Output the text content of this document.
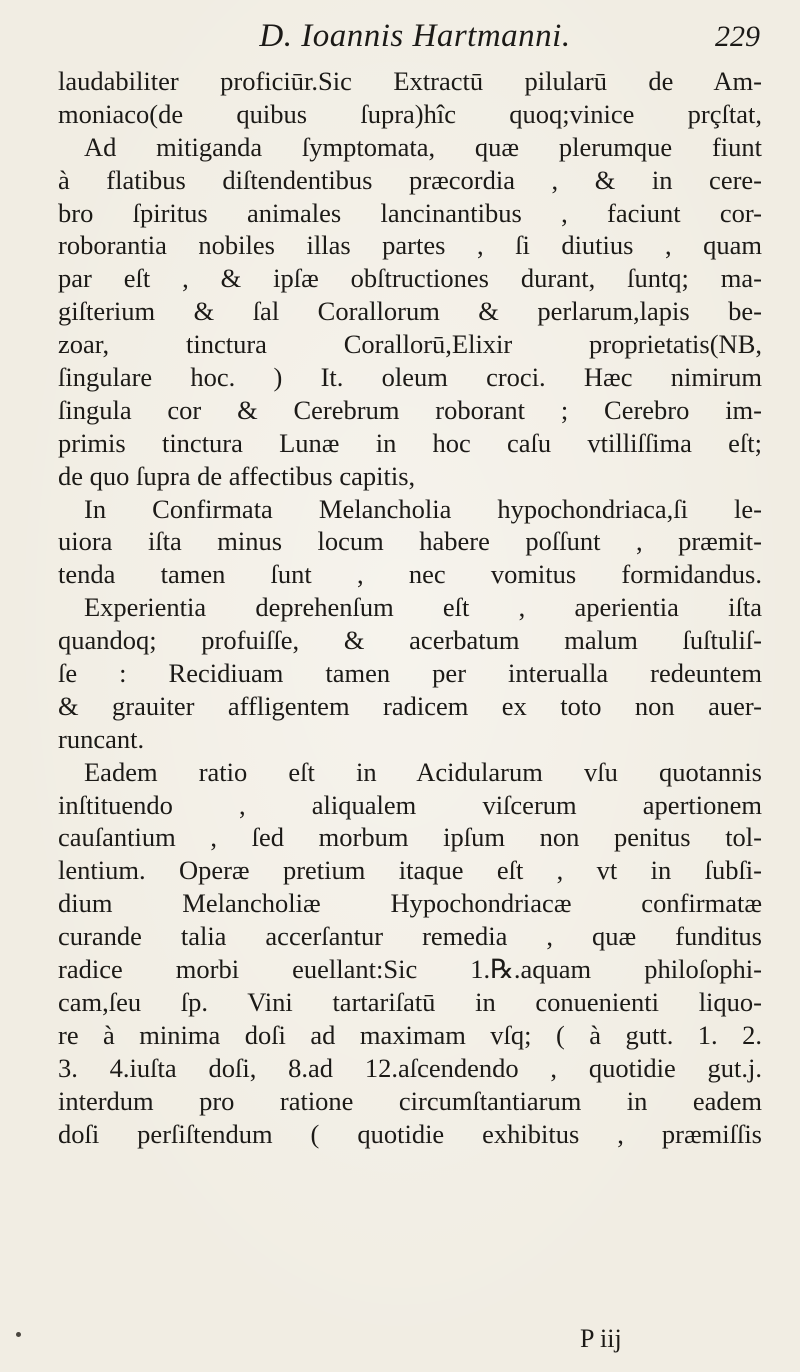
D. Ioannis Hartmanni.	229
laudabiliter proficiūr.Sic Extractū pilularū de Am-
moniaco(de quibus ſupra)hîc quoq;vinice prçſtat,
Ad mitiganda ſymptomata, quæ plerumque fiunt
à flatibus diſtendentibus præcordia , & in cere-
bro ſpiritus animales lancinantibus , faciunt cor-
roborantia nobiles illas partes , ſi diutius , quam
par eſt , & ipſæ obſtructiones durant, ſuntq; ma-
giſterium & ſal Corallorum & perlarum,lapis be-
zoar, tinctura Corallorū,Elixir proprietatis(NB,
ſingulare hoc. ) It. oleum croci. Hæc nimirum
ſingula cor & Cerebrum roborant ; Cerebro im-
primis tinctura Lunæ in hoc caſu vtilliſſima eſt;
de quo ſupra de affectibus capitis,
In Confirmata Melancholia hypochondriaca,ſi le-
uiora iſta minus locum habere poſſunt , præmit-
tenda tamen ſunt , nec vomitus formidandus.
Experientia deprehenſum eſt , aperientia iſta
quandoq; profuiſſe, & acerbatum malum ſuſtuliſ-
ſe : Recidiuam tamen per interualla redeuntem
& grauiter affligentem radicem ex toto non auer-
runcant.
Eadem ratio eſt in Acidularum vſu quotannis
inſtituendo , aliqualem viſcerum apertionem
cauſantium , ſed morbum ipſum non penitus tol-
lentium. Operæ pretium itaque eſt , vt in ſubſi-
dium Melancholiæ Hypochondriacæ confirmatæ
curande talia accerſantur remedia , quæ funditus
radice morbi euellant:Sic 1.℞.aquam philoſophi-
cam,ſeu ſp. Vini tartariſatū in conuenienti liquo-
re à minima doſi ad maximam vſq; ( à gutt. 1. 2.
3. 4.iuſta doſi, 8.ad 12.aſcendendo , quotidie gut.j.
interdum pro ratione circumſtantiarum in eadem
doſi perſiſtendum ( quotidie exhibitus , præmiſſis
P iij
